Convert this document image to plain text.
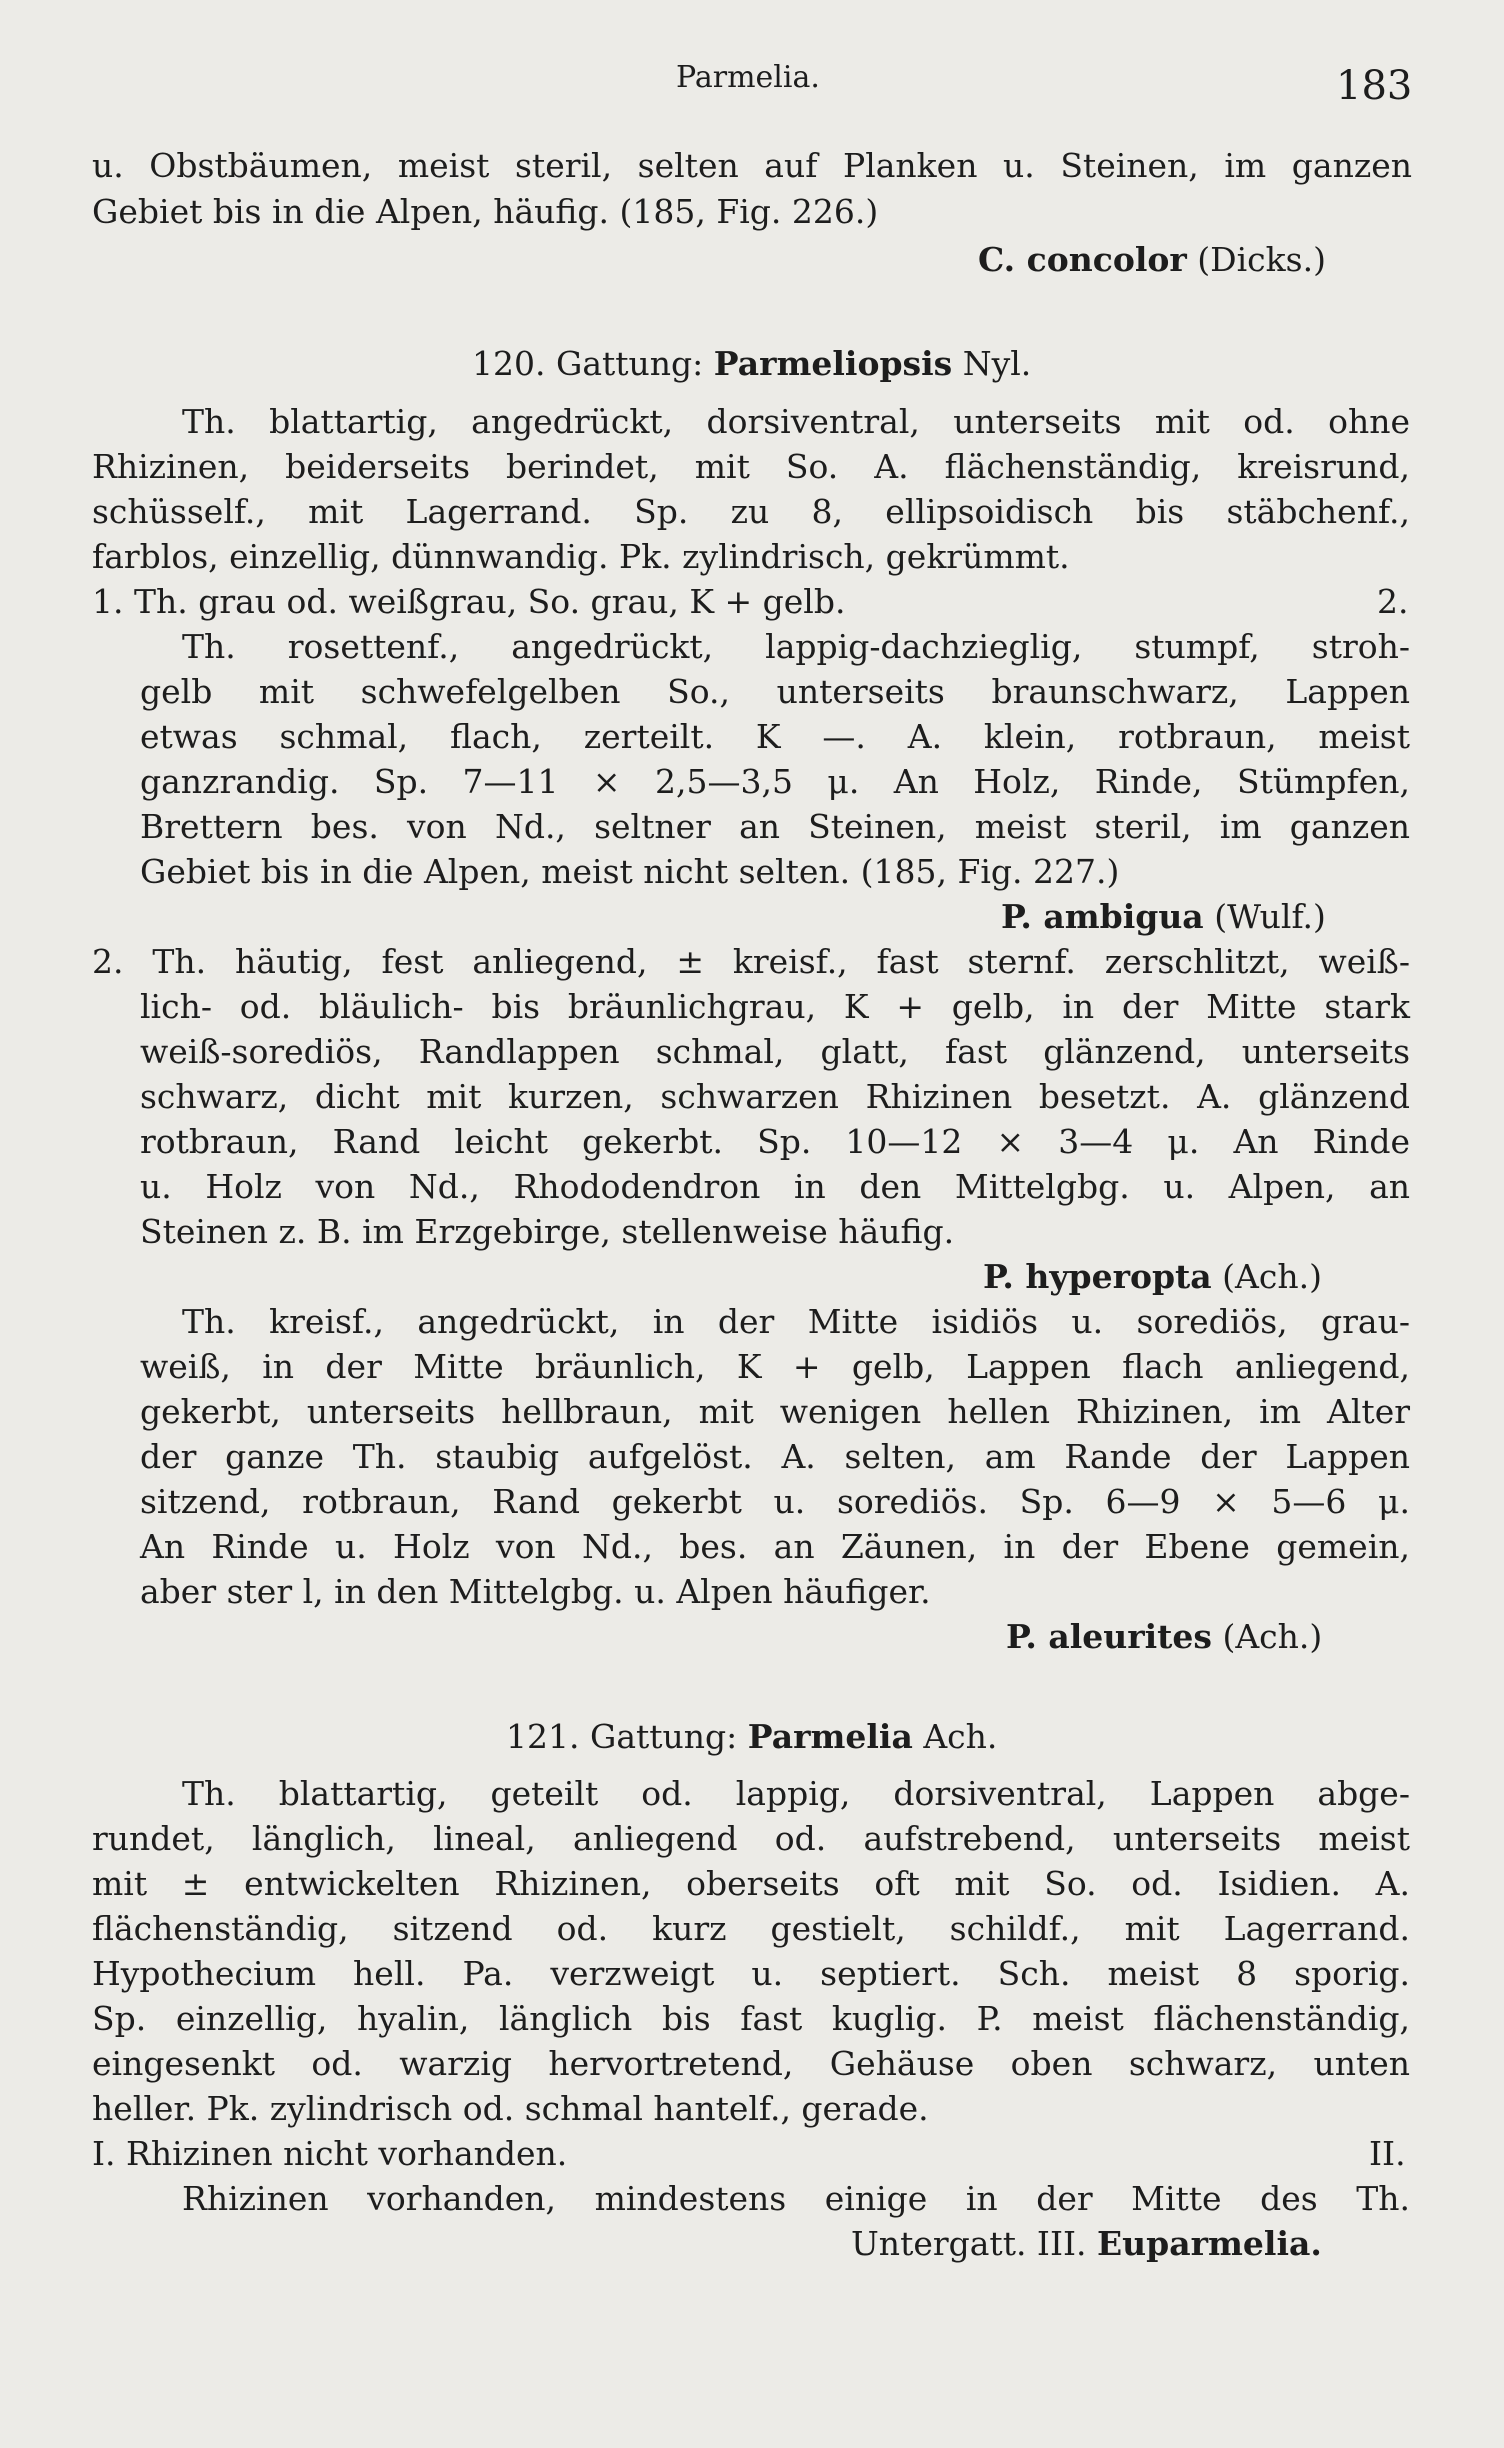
Parmelia.	183
u. Obstbäumen, meist steril, selten auf Planken u. Steinen, im ganzen
Gebiet bis in die Alpen, häufig. (185, Fig. 226.)
C. concolor (Dicks.)
120. Gattung: Parmeliopsis Nyl.
Th. blattartig, angedrückt, dorsiventral, unterseits mit od. ohne
Rhizinen, beiderseits berindet, mit So. A. flächenständig, kreisrund,
schüsself., mit Lagerrand. Sp. zu 8, ellipsoidisch bis stäbchenf.,
farblos, einzellig, dünnwandig. Pk. zylindrisch, gekrümmt.
1. Th. grau od. weißgrau, So. grau, K + gelb.	2.
Th. rosettenf., angedrückt, lappig-dachzieglig, stumpf, stroh-
gelb mit schwefelgelben So., unterseits braunschwarz, Lappen
etwas schmal, flach, zerteilt. K —. A. klein, rotbraun, meist
ganzrandig. Sp. 7—11 × 2,5—3,5 μ. An Holz, Rinde, Stümpfen,
Brettern bes. von Nd., seltner an Steinen, meist steril, im ganzen
Gebiet bis in die Alpen, meist nicht selten. (185, Fig. 227.)
P. ambigua (Wulf.)
2. Th. häutig, fest anliegend, ± kreisf., fast sternf. zerschlitzt, weiß-
lich- od. bläulich- bis bräunlichgrau, K + gelb, in der Mitte stark
weiß-sorediös, Randlappen schmal, glatt, fast glänzend, unterseits
schwarz, dicht mit kurzen, schwarzen Rhizinen besetzt. A. glänzend
rotbraun, Rand leicht gekerbt. Sp. 10—12 × 3—4 μ. An Rinde
u. Holz von Nd., Rhododendron in den Mittelgbg. u. Alpen, an
Steinen z. B. im Erzgebirge, stellenweise häufig.
P. hyperopta (Ach.)
Th. kreisf., angedrückt, in der Mitte isidiös u. sorediös, grau-
weiß, in der Mitte bräunlich, K + gelb, Lappen flach anliegend,
gekerbt, unterseits hellbraun, mit wenigen hellen Rhizinen, im Alter
der ganze Th. staubig aufgelöst. A. selten, am Rande der Lappen
sitzend, rotbraun, Rand gekerbt u. sorediös. Sp. 6—9 × 5—6 μ.
An Rinde u. Holz von Nd., bes. an Zäunen, in der Ebene gemein,
aber ster l, in den Mittelgbg. u. Alpen häufiger.
P. aleurites (Ach.)
121. Gattung: Parmelia Ach.
Th. blattartig, geteilt od. lappig, dorsiventral, Lappen abge-
rundet, länglich, lineal, anliegend od. aufstrebend, unterseits meist
mit ± entwickelten Rhizinen, oberseits oft mit So. od. Isidien. A.
flächenständig, sitzend od. kurz gestielt, schildf., mit Lagerrand.
Hypothecium hell. Pa. verzweigt u. septiert. Sch. meist 8 sporig.
Sp. einzellig, hyalin, länglich bis fast kuglig. P. meist flächenständig,
eingesenkt od. warzig hervortretend, Gehäuse oben schwarz, unten
heller. Pk. zylindrisch od. schmal hantelf., gerade.
I. Rhizinen nicht vorhanden.	II.
Rhizinen vorhanden, mindestens einige in der Mitte des Th.
Untergatt. III. Euparmelia.
